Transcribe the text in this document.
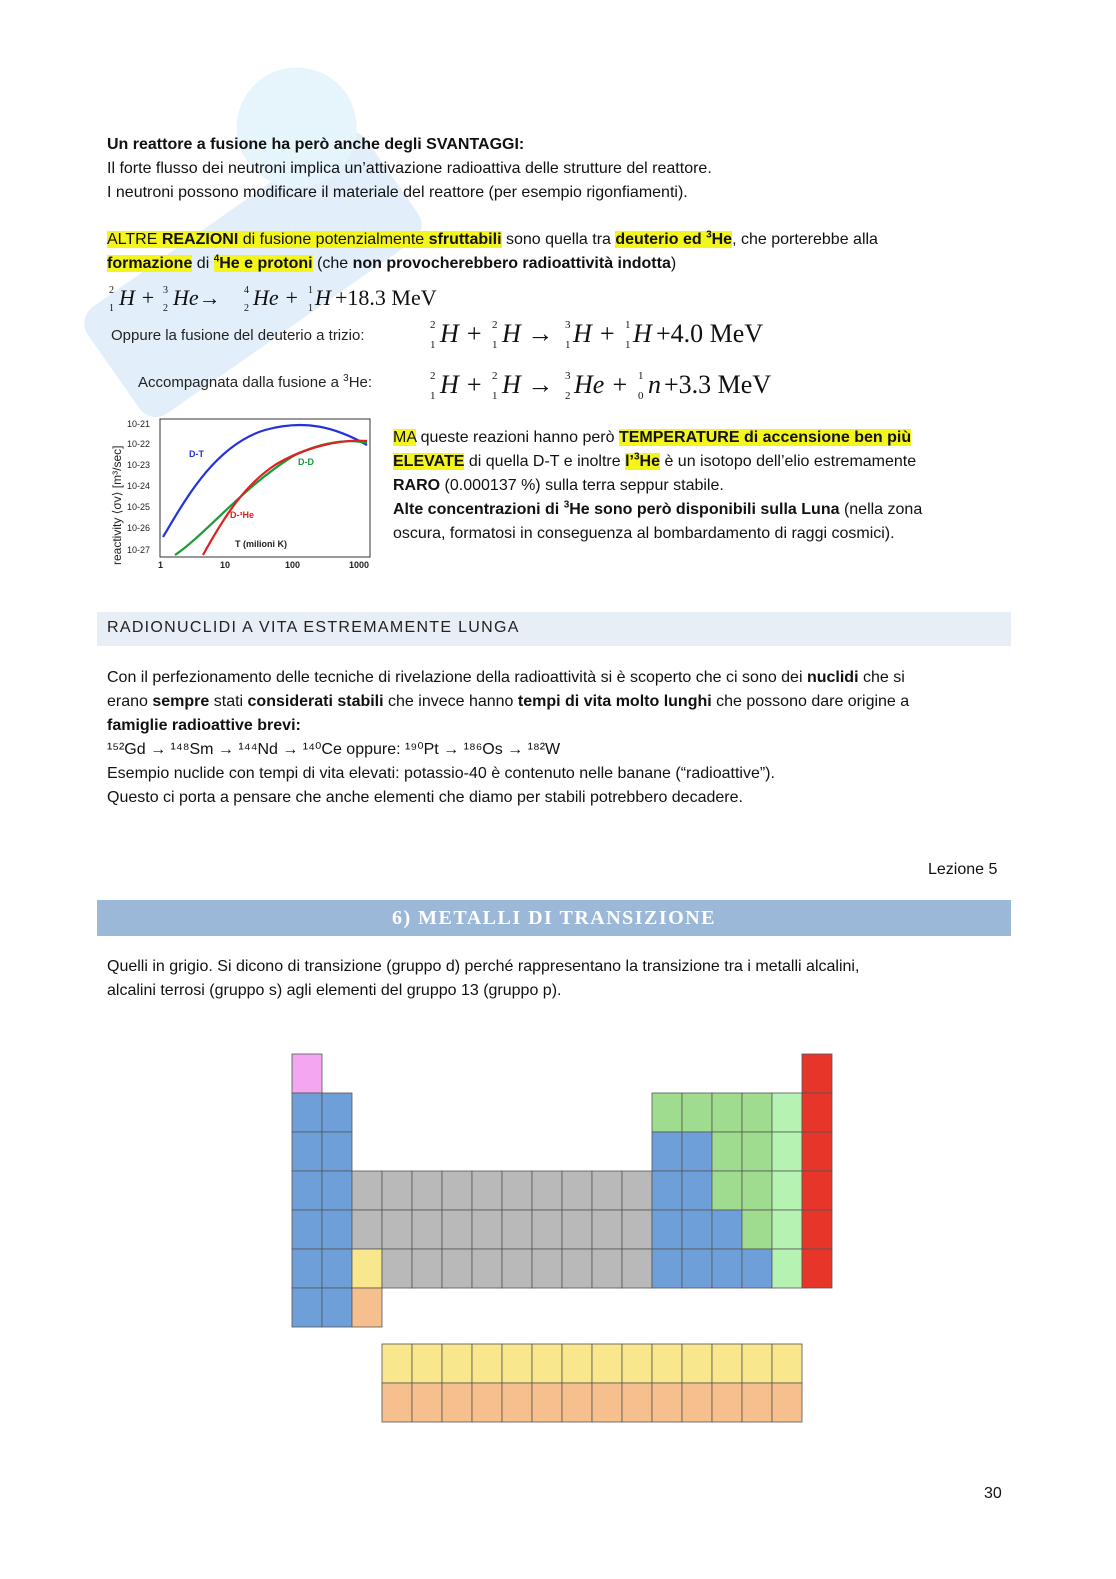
Un reattore a fusione ha però anche degli SVANTAGGI:
Il forte flusso dei neutroni implica un’attivazione radioattiva delle strutture del reattore.
I neutroni possono modificare il materiale del reattore (per esempio rigonfiamenti).
ALTRE REAZIONI di fusione potenzialmente sfruttabili sono quella tra deuterio ed $^3$He, che porterebbe alla
formazione di $^4$He e protoni (che non provocherebbero radioattività indotta)
2
1 H + 3
2 He→ 4
2 He + 1
1 H +18.3 MeV
Oppure la fusione del deuterio a trizio:
2
1 H + 2
1 H → 3
1 H + 1
1 H +4.0 MeV
Accompagnata dalla fusione a $^3$He:	2
1 H + 2
1 H → 3
2 He + 1
0 n +3.3 MeV
reactivity ⟨σv⟩ [m³/sec]
10-21
10-22
10-23
10-24
10-25
10-26
10-27
1	10	100	1000
D-T
D-D
D-³He
T (milioni K)
MA queste reazioni hanno però TEMPERATURE di accensione ben più
ELEVATE di quella D-T e inoltre l’$^3$He è un isotopo dell’elio estremamente
RARO (0.000137 %) sulla terra seppur stabile.
Alte concentrazioni di $^3$He sono però disponibili sulla Luna (nella zona
oscura, formatosi in conseguenza al bombardamento di raggi cosmici).
RADIONUCLIDI A VITA ESTREMAMENTE LUNGA
Con il perfezionamento delle tecniche di rivelazione della radioattività si è scoperto che ci sono dei nuclidi che si
erano sempre stati considerati stabili che invece hanno tempi di vita molto lunghi che possono dare origine a
famiglie radioattive brevi:
¹⁵²Gd → ¹⁴⁸Sm → ¹⁴⁴Nd → ¹⁴⁰Ce oppure: ¹⁹⁰Pt → ¹⁸⁶Os → ¹⁸²W
Esempio nuclide con tempi di vita elevati: potassio-40 è contenuto nelle banane (“radioattive”).
Questo ci porta a pensare che anche elementi che diamo per stabili potrebbero decadere.
Lezione 5
6) METALLI DI TRANSIZIONE
Quelli in grigio. Si dicono di transizione (gruppo d) perché rappresentano la transizione tra i metalli alcalini,
alcalini terrosi (gruppo s) agli elementi del gruppo 13 (gruppo p).
30
